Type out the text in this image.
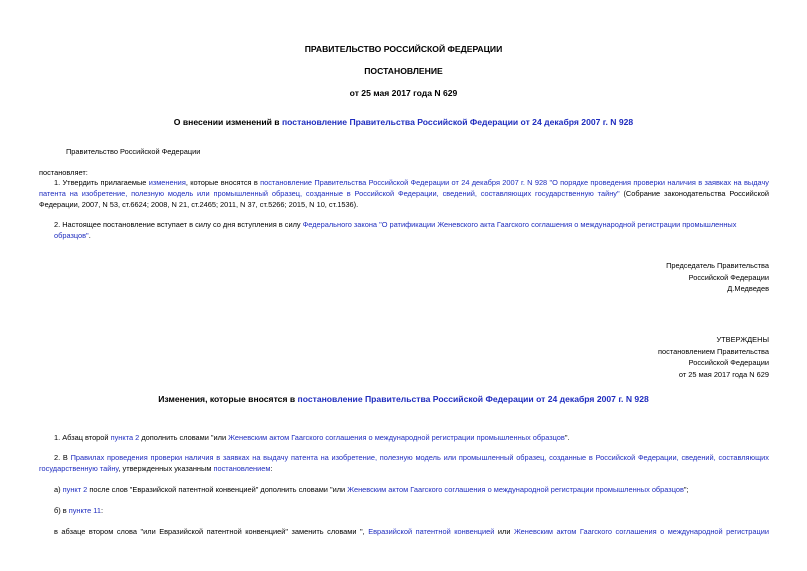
ПРАВИТЕЛЬСТВО РОССИЙСКОЙ ФЕДЕРАЦИИ
ПОСТАНОВЛЕНИЕ
от 25 мая 2017 года N 629
О внесении изменений в постановление Правительства Российской Федерации от 24 декабря 2007 г. N 928
Правительство Российской Федерации
постановляет:

1. Утвердить прилагаемые изменения, которые вносятся в постановление Правительства Российской Федерации от 24 декабря 2007 г. N 928 "О порядке проведения проверки наличия в заявках на выдачу патента на изобретение, полезную модель или промышленный образец, созданные в Российской Федерации, сведений, составляющих государственную тайну" (Собрание законодательства Российской Федерации, 2007, N 53, ст.6624; 2008, N 21, ст.2465; 2011, N 37, ст.5266; 2015, N 10, ст.1536).

2. Настоящее постановление вступает в силу со дня вступления в силу Федерального закона "О ратификации Женевского акта Гаагского соглашения о международной регистрации промышленных образцов".

Председатель Правительства
Российской Федерации
Д.Медведев
УТВЕРЖДЕНЫ
постановлением Правительства
Российской Федерации
от 25 мая 2017 года N 629
Изменения, которые вносятся в постановление Правительства Российской Федерации от 24 декабря 2007 г. N 928

1. Абзац второй пункта 2 дополнить словами "или Женевским актом Гаагского соглашения о международной регистрации промышленных образцов".

2. В Правилах проведения проверки наличия в заявках на выдачу патента на изобретение, полезную модель или промышленный образец, созданные в Российской Федерации, сведений, составляющих государственную тайну, утвержденных указанным постановлением:

а) пункт 2 после слов "Евразийской патентной конвенцией" дополнить словами "или Женевским актом Гаагского соглашения о международной регистрации промышленных образцов";

б) в пункте 11:

в абзаце втором слова "или Евразийской патентной конвенцией" заменить словами ", Евразийской патентной конвенцией или Женевским актом Гаагского соглашения о международной регистрации
